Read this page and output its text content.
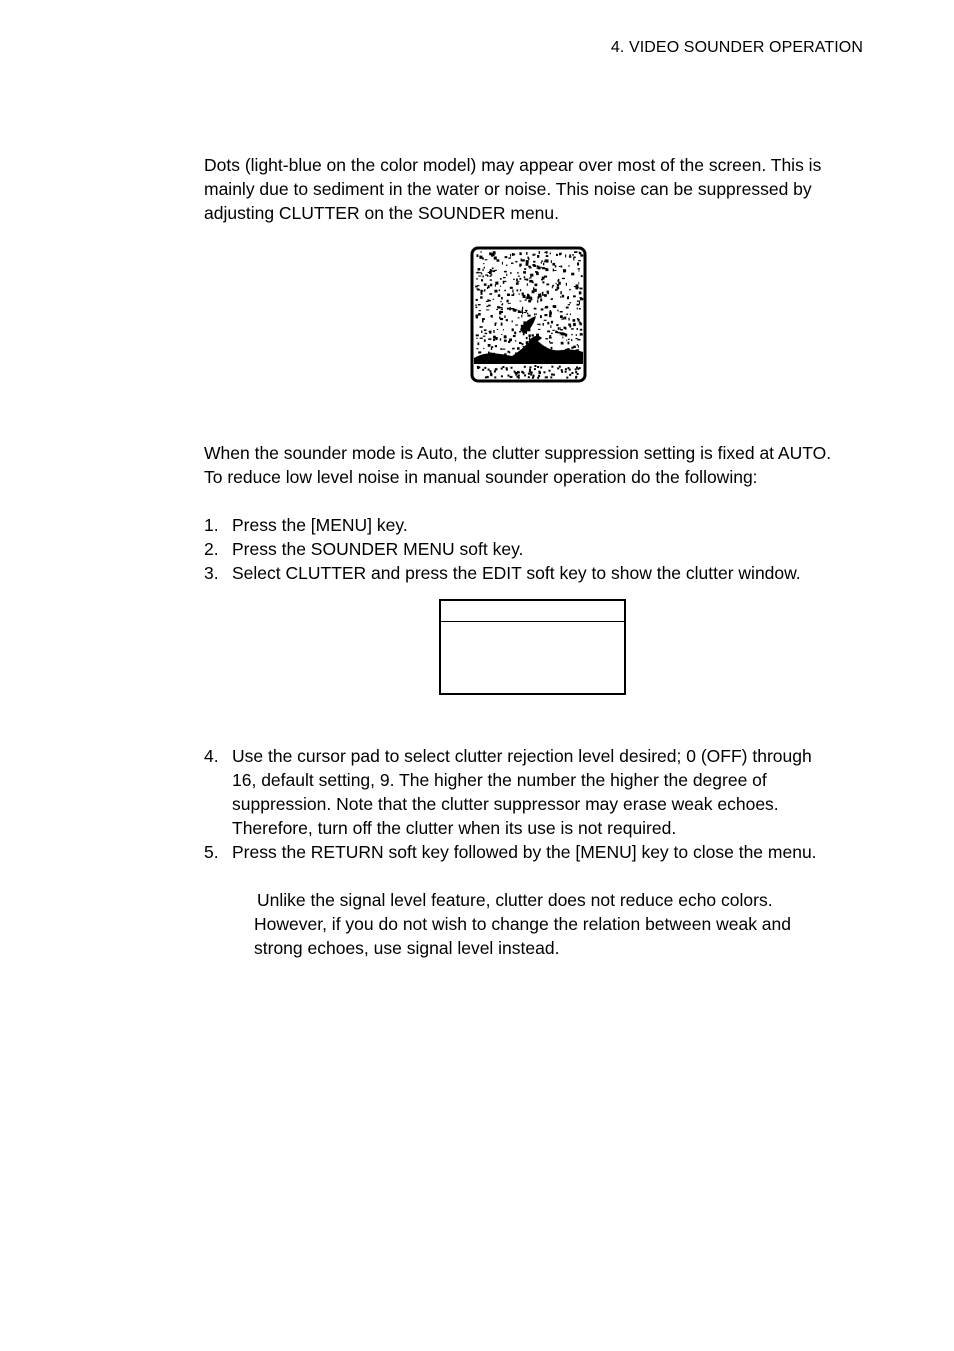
4. VIDEO SOUNDER OPERATION

Dots (light-blue on the color model) may appear over most of the screen. This is
mainly due to sediment in the water or noise. This noise can be suppressed by
adjusting CLUTTER on the SOUNDER menu.

When the sounder mode is Auto, the clutter suppression setting is fixed at AUTO.
To reduce low level noise in manual sounder operation do the following:

1. Press the [MENU] key.
2. Press the SOUNDER MENU soft key.
3. Select CLUTTER and press the EDIT soft key to show the clutter window.
4. Use the cursor pad to select clutter rejection level desired; 0 (OFF) through
16, default setting, 9. The higher the number the higher the degree of
suppression. Note that the clutter suppressor may erase weak echoes.
Therefore, turn off the clutter when its use is not required.
5. Press the RETURN soft key followed by the [MENU] key to close the menu.

Unlike the signal level feature, clutter does not reduce echo colors.
However, if you do not wish to change the relation between weak and
strong echoes, use signal level instead.
